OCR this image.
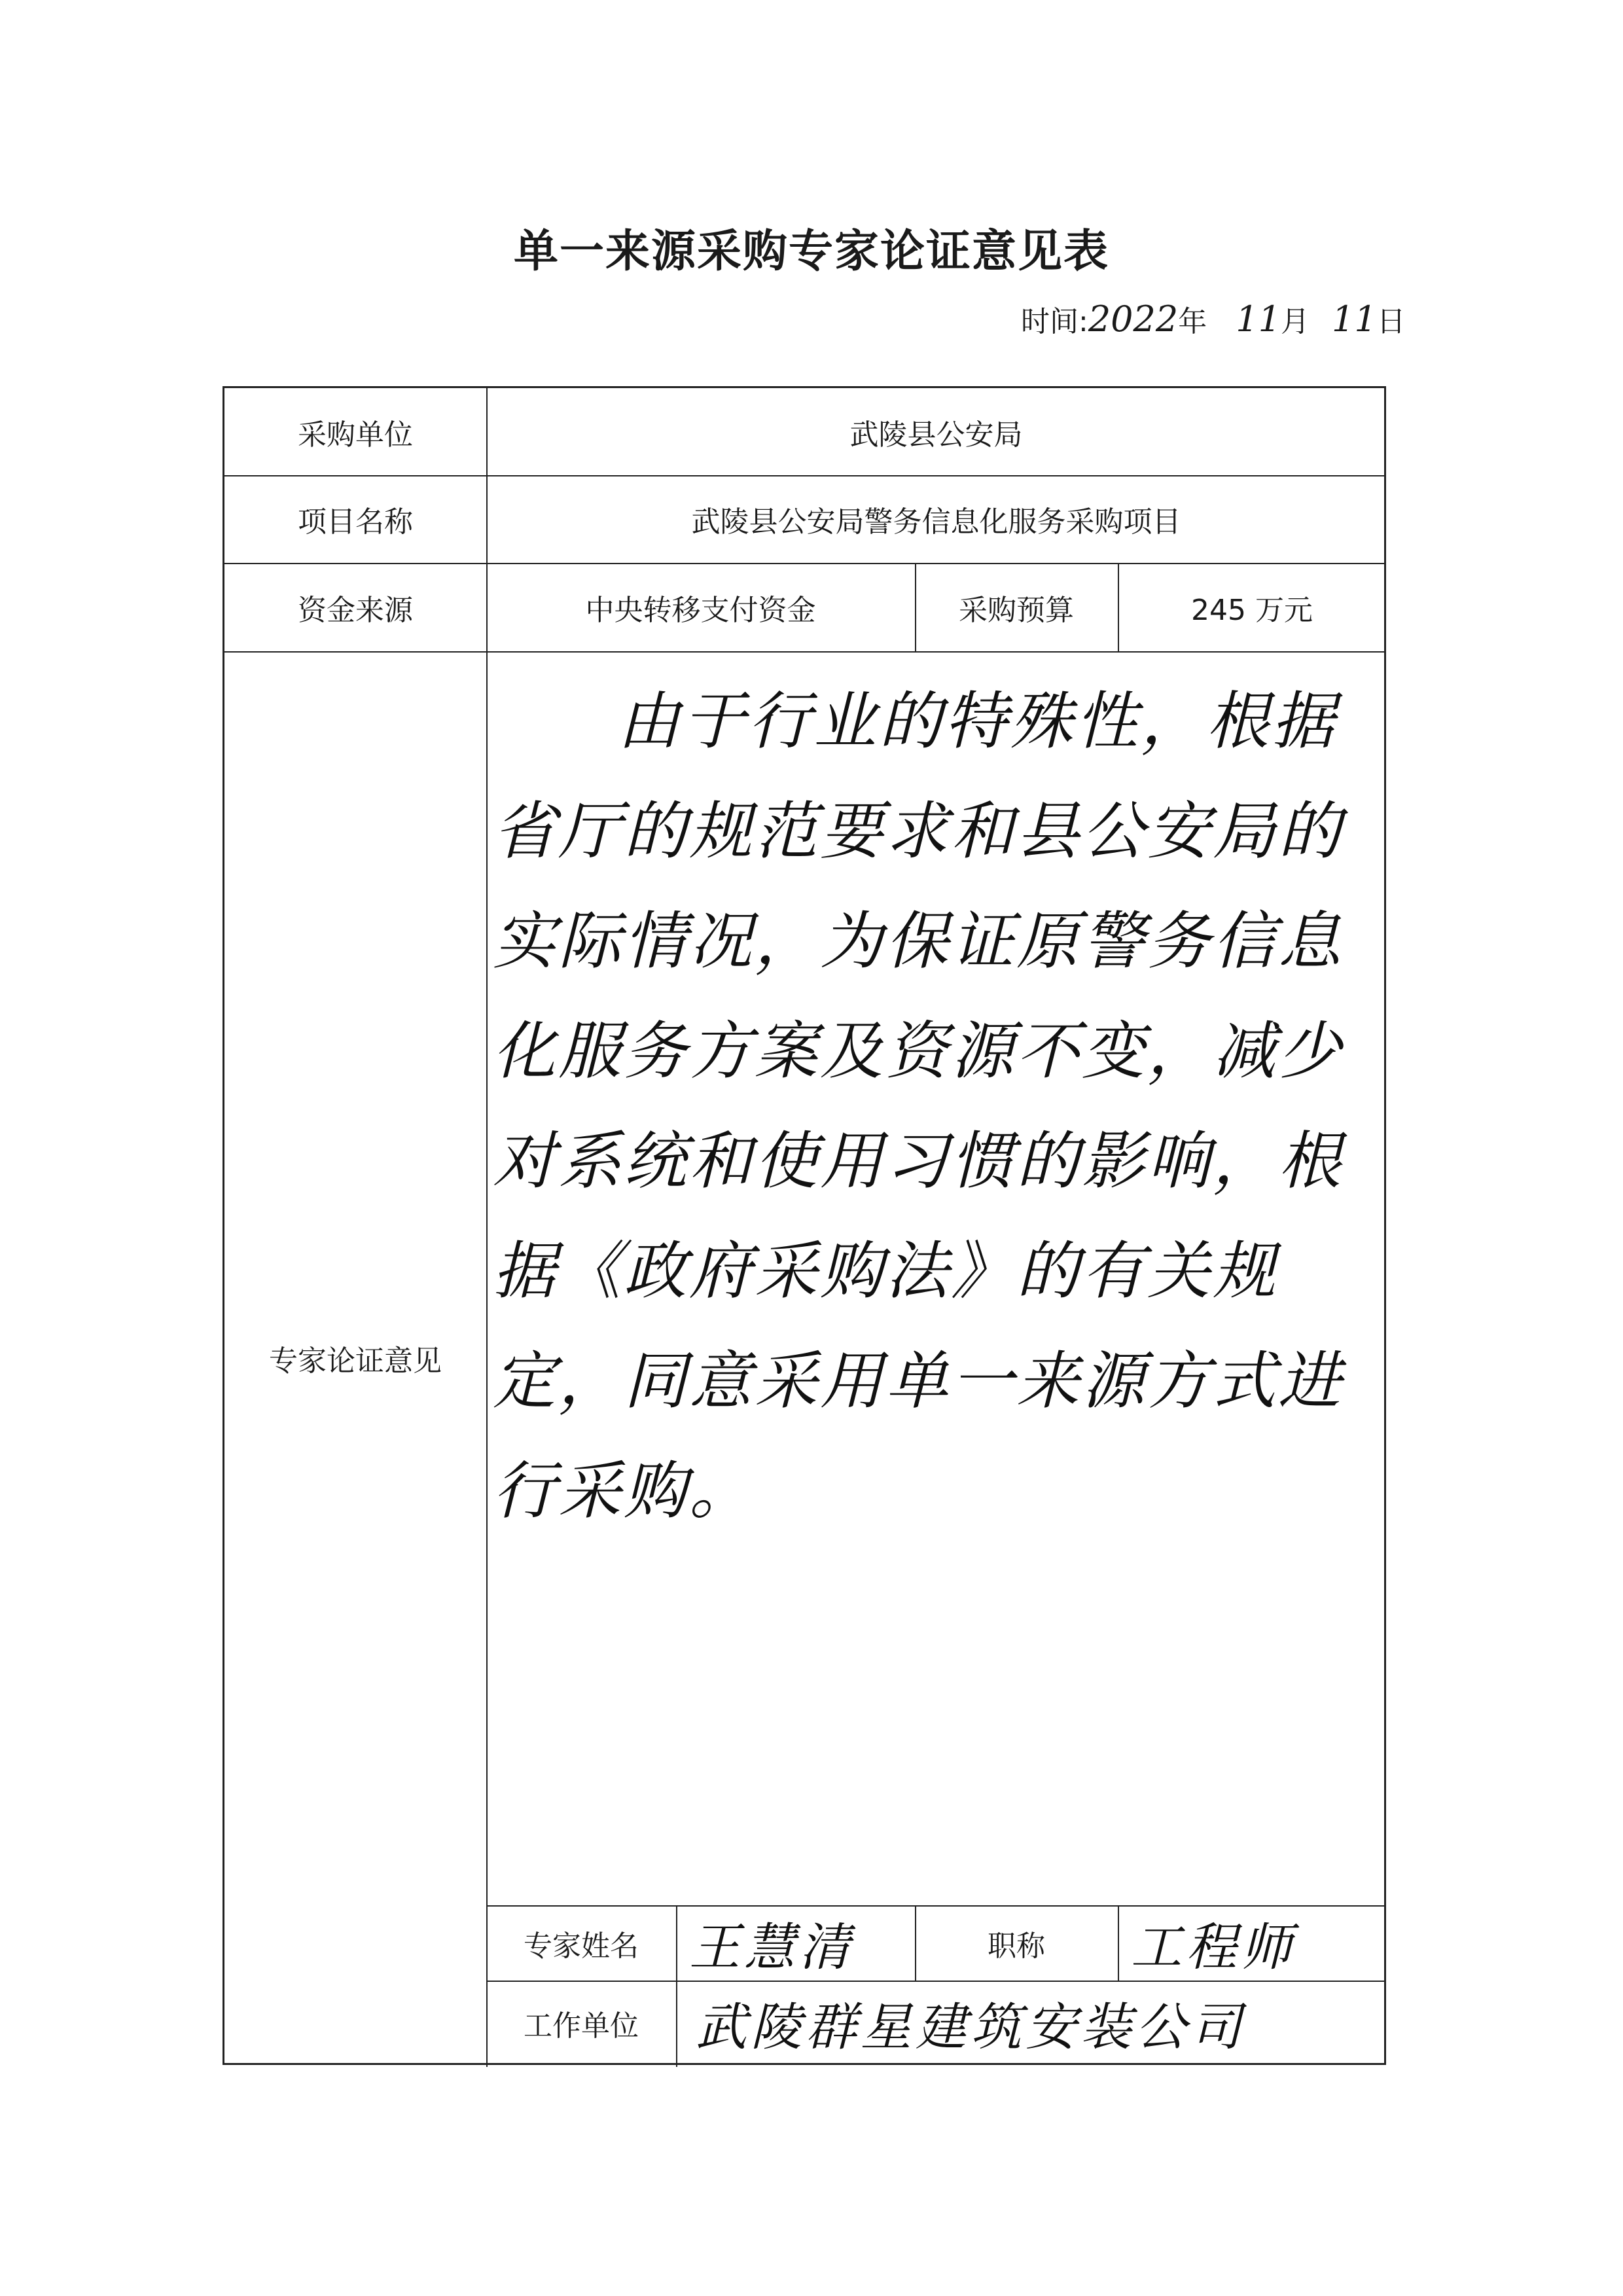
单一来源采购专家论证意见表
时间:2022年 11月 11日
采购单位	武陵县公安局
项目名称	武陵县公安局警务信息化服务采购项目
资金来源	中央转移支付资金	采购预算	245 万元
专家论证意见
由于行业的特殊性，根据省厅的规范要求和县公安局的实际情况，为保证原警务信息化服务方案及资源不变，减少对系统和使用习惯的影响，根据《政府采购法》的有关规定，同意采用单一来源方式进行采购。
专家姓名 王慧清	职称	工程师
工作单位	武陵群星建筑安装公司
